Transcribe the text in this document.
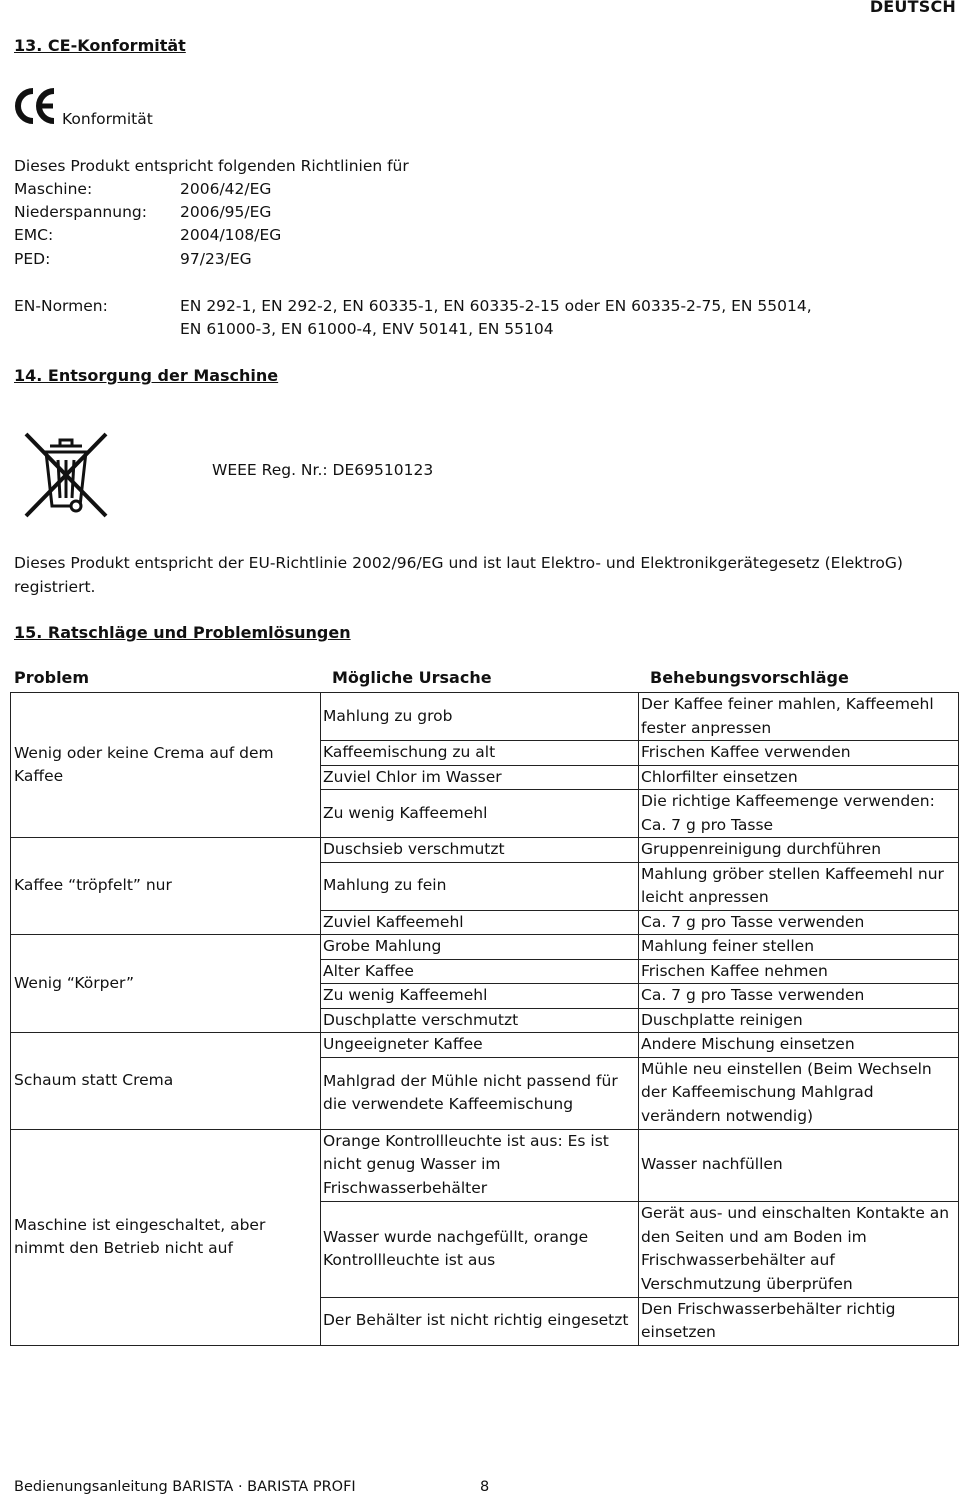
DEUTSCH
13. CE-Konformität
Konformität
Dieses Produkt entspricht folgenden Richtlinien für
Maschine:	2006/42/EG
Niederspannung: 2006/95/EG
EMC:	2004/108/EG
PED:	97/23/EG
EN-Normen:	EN 292-1, EN 292-2, EN 60335-1, EN 60335-2-15 oder EN 60335-2-75, EN 55014,
EN 61000-3, EN 61000-4, ENV 50141, EN 55104
14. Entsorgung der Maschine
WEEE Reg. Nr.: DE69510123
Dieses Produkt entspricht der EU-Richtlinie 2002/96/EG und ist laut Elektro- und Elektronikgerätegesetz (ElektroG)
registriert.
15. Ratschläge und Problemlösungen
Problem	Mögliche Ursache	Behebungsvorschläge
Wenig oder keine Crema auf dem Kaffee	Mahlung zu grob	Der Kaffee feiner mahlen, Kaffeemehl fester anpressen
	Kaffeemischung zu alt	Frischen Kaffee verwenden
	Zuviel Chlor im Wasser	Chlorfilter einsetzen
	Zu wenig Kaffeemehl	Die richtige Kaffeemenge verwenden: Ca. 7 g pro Tasse
Kaffee “tröpfelt” nur	Duschsieb verschmutzt	Gruppenreinigung durchführen
	Mahlung zu fein	Mahlung gröber stellen Kaffeemehl nur leicht anpressen
	Zuviel Kaffeemehl	Ca. 7 g pro Tasse verwenden
Wenig “Körper”	Grobe Mahlung	Mahlung feiner stellen
	Alter Kaffee	Frischen Kaffee nehmen
	Zu wenig Kaffeemehl	Ca. 7 g pro Tasse verwenden
	Duschplatte verschmutzt	Duschplatte reinigen
Schaum statt Crema	Ungeeigneter Kaffee	Andere Mischung einsetzen
	Mahlgrad der Mühle nicht passend für die verwendete Kaffeemischung	Mühle neu einstellen (Beim Wechseln der Kaffeemischung Mahlgrad verändern notwendig)
Maschine ist eingeschaltet, aber nimmt den Betrieb nicht auf	Orange Kontrollleuchte ist aus: Es ist nicht genug Wasser im Frischwasserbehälter	Wasser nachfüllen
	Wasser wurde nachgefüllt, orange Kontrollleuchte ist aus	Gerät aus- und einschalten Kontakte an den Seiten und am Boden im Frischwasserbehälter auf Verschmutzung überprüfen
	Der Behälter ist nicht richtig eingesetzt	Den Frischwasserbehälter richtig einsetzen
Bedienungsanleitung BARISTA · BARISTA PROFI	8
